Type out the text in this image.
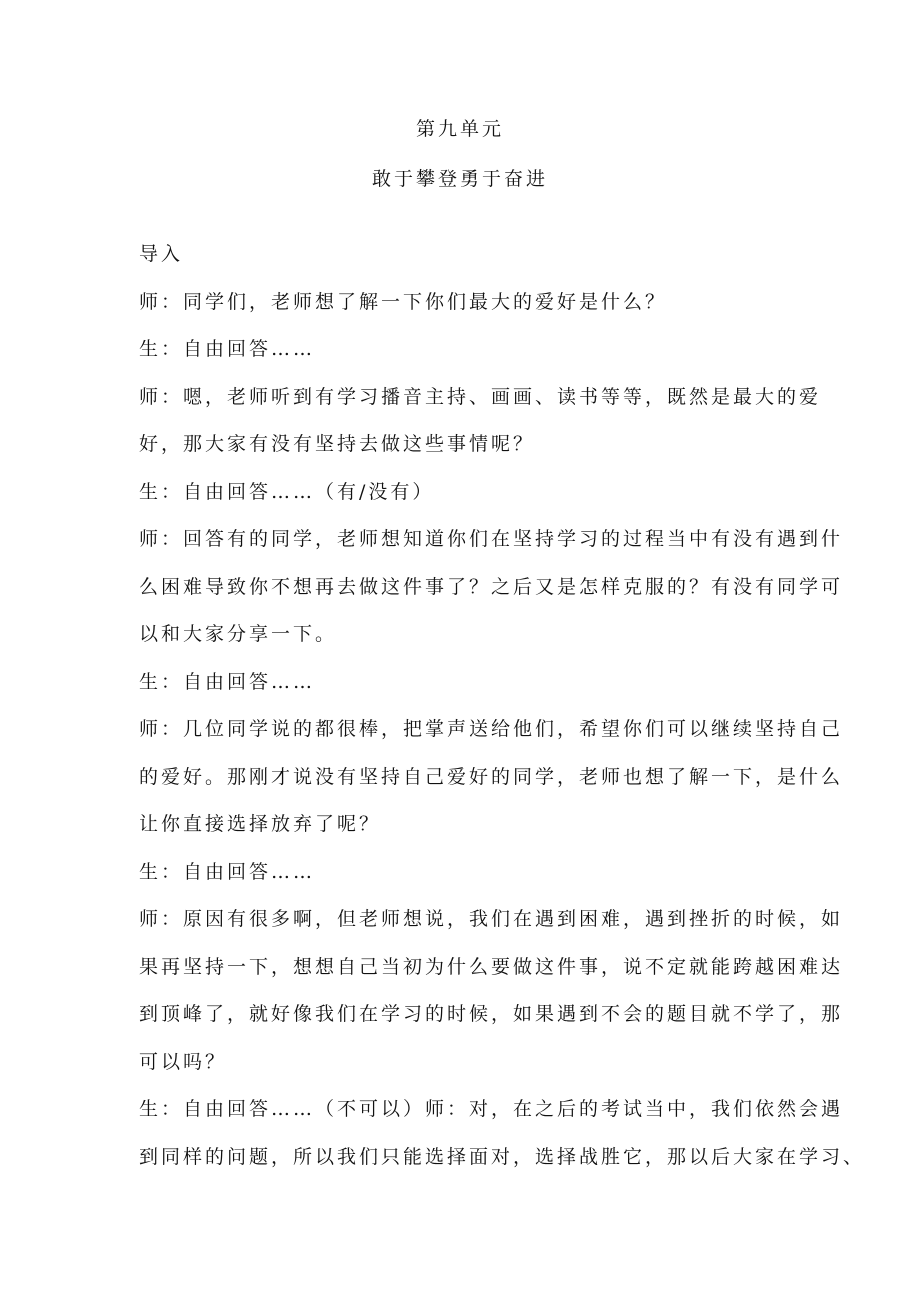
第九单元
敢于攀登勇于奋进
导入
师：同学们，老师想了解一下你们最大的爱好是什么？
生：自由回答……
师：嗯，老师听到有学习播音主持、画画、读书等等，既然是最大的爱
好，那大家有没有坚持去做这些事情呢？
生：自由回答……（有/没有）
师：回答有的同学，老师想知道你们在坚持学习的过程当中有没有遇到什
么困难导致你不想再去做这件事了？之后又是怎样克服的？有没有同学可
以和大家分享一下。
生：自由回答……
师：几位同学说的都很棒，把掌声送给他们，希望你们可以继续坚持自己
的爱好。那刚才说没有坚持自己爱好的同学，老师也想了解一下，是什么
让你直接选择放弃了呢？
生：自由回答……
师：原因有很多啊，但老师想说，我们在遇到困难，遇到挫折的时候，如
果再坚持一下，想想自己当初为什么要做这件事，说不定就能跨越困难达
到顶峰了，就好像我们在学习的时候，如果遇到不会的题目就不学了，那
可以吗？
生：自由回答……（不可以）师：对，在之后的考试当中，我们依然会遇
到同样的问题，所以我们只能选择面对，选择战胜它，那以后大家在学习、
